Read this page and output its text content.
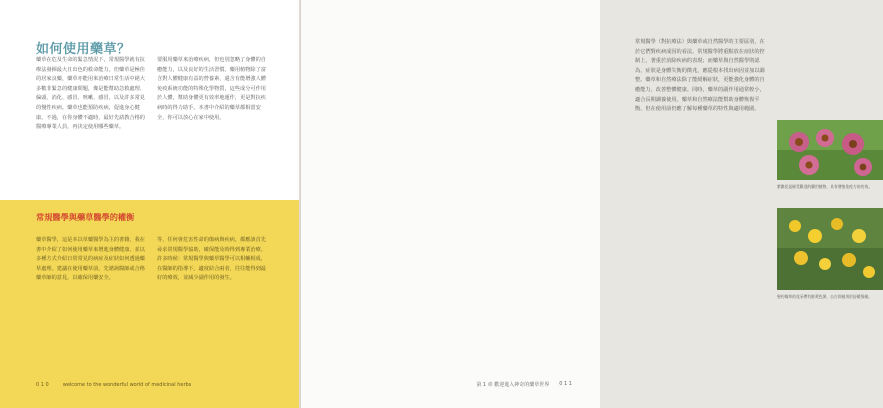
如何使用藥草？
藥草在危及生命的緊急情況下，常規醫學就有抗療法發揮最大且出色的救命能力。但藥草是極佳的居家良藥，藥草亦能用來治療日常生活中絕大多數非緊急的健康問題，像是能幫助急救處理、偏頭、消化、感冒、咳嗽、感冒，以及許多常見的慢性疾病。藥草也能預防疾病，促進身心健康。不過，在你身體不適時，最好先請教合格的醫療專業人員，再決定使用哪些藥草。
要服用藥草來治療疾病，但也別忽略了身體的自癒能力，以及良好的生活習慣。藥用植物除了富含對人體健康有益的營養素，還含有能增強人體免疫系統功能的特殊化學物質，這些成分可作用於人體，幫助身體更有效率地運作，更是對抗疾病時的得力助手。本書中介紹的藥草都相當安全，你可以放心在家中使用。
常規醫學與藥草醫學的權衡
藥草醫學，這是本以草藥醫學為主的書籍，我在書中介紹了如何使用藥草來增進身體健康、並以多種方式介紹日常常見的病症及症狀如何透過藥草處理。建議在使用藥草前，先諮詢醫師或合格藥草師的意見，以確保用藥安全。
等，任何會危害性命的傷病與疾病，都應該首先尋求常規醫學協助，確保能及時得到專業治療。許多時候：常規醫學與藥草醫學可以相輔相成，在醫師的指導下，適度結合兩者，往往能得到最好的療效，並減少副作用的發生。
0 1 0	welcome to the wonderful world of medicinal herbs
常規醫學（對抗療法）與藥草或自然醫學的主要區別，在於它們對疾病成因的看法。常規醫學將重點放在症狀的控制上，著重於消除疾病的表現；而藥草與自然醫學則認為，症狀是身體失衡的徵兆，應從根本找出病因並加以調整。藥草和自然療法除了能緩解症狀，更能強化身體的自癒能力，改善整體健康。同時，藥草的副作用通常較小，適合長期調養使用。藥草和自然療法能幫助身體恢復平衡，但在使用前仍應了解每種藥草的特性與適用範圍。
紫錐花是極受歡迎的藥用植物，具有增強免疫力的功效。
聖約翰草的花朵帶有鮮黃色澤，自古即被用於舒緩情緒。
第 1 章 歡迎進入神奇的藥草世界 0 1 1
